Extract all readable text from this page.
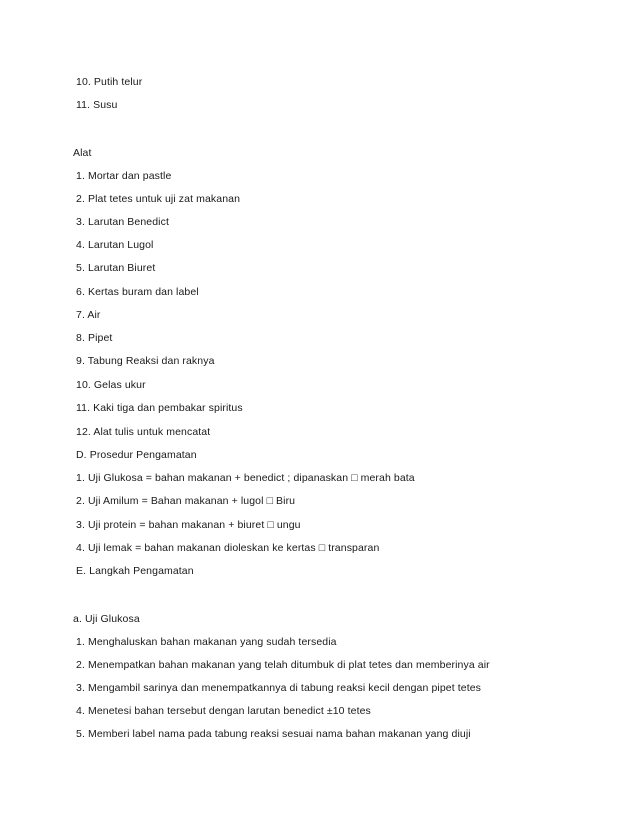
10. Putih telur
11. Susu
Alat
1. Mortar dan pastle
2. Plat tetes untuk uji zat makanan
3. Larutan Benedict
4. Larutan Lugol
5. Larutan Biuret
6. Kertas buram dan label
7. Air
8. Pipet
9. Tabung Reaksi dan raknya
10. Gelas ukur
11. Kaki tiga dan pembakar spiritus
12. Alat tulis untuk mencatat
D. Prosedur Pengamatan
1. Uji Glukosa = bahan makanan + benedict ; dipanaskan □ merah bata
2. Uji Amilum = Bahan makanan + lugol □ Biru
3. Uji protein = bahan makanan + biuret □ ungu
4. Uji lemak = bahan makanan dioleskan ke kertas □ transparan
E. Langkah Pengamatan
a. Uji Glukosa
1. Menghaluskan bahan makanan yang sudah tersedia
2. Menempatkan bahan makanan yang telah ditumbuk di plat tetes dan memberinya air
3. Mengambil sarinya dan menempatkannya di tabung reaksi kecil dengan pipet tetes
4. Menetesi bahan tersebut dengan larutan benedict ±10 tetes
5. Memberi label nama pada tabung reaksi sesuai nama bahan makanan yang diuji
